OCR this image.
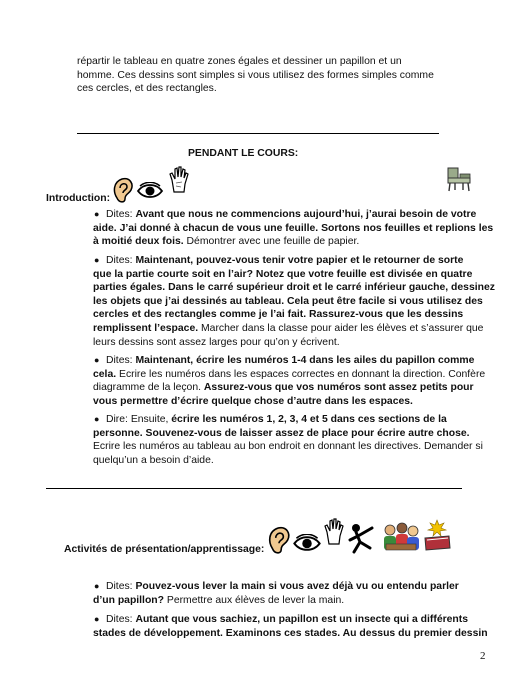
répartir le tableau en quatre zones égales et dessiner un papillon et un

homme. Ces dessins sont simples si vous utilisez des formes simples comme

ces cercles, et des rectangles.

PENDANT LE COURS:
Introduction:
● Dites: Avant que nous ne commencions aujourd’hui, j’aurai besoin de votre

aide. J’ai donné à chacun de vous une feuille. Sortons nos feuilles et replions les

à moitié deux fois. Démontrer avec une feuille de papier.

● Dites: Maintenant, pouvez-vous tenir votre papier et le retourner de sorte

que la partie courte soit en l’air? Notez que votre feuille est divisée en quatre

parties égales. Dans le carré supérieur droit et le carré inférieur gauche, dessinez

les objets que j’ai dessinés au tableau. Cela peut être facile si vous utilisez des

cercles et des rectangles comme je l’ai fait. Rassurez-vous que les dessins

remplissent l’espace. Marcher dans la classe pour aider les élèves et s’assurer que

leurs dessins sont assez larges pour qu’on y écrivent.

● Dites: Maintenant, écrire les numéros 1-4 dans les ailes du papillon comme

cela. Ecrire les numéros dans les espaces correctes en donnant la direction. Confère

diagramme de la leçon. Assurez-vous que vos numéros sont assez petits pour

vous permettre d’écrire quelque chose d’autre dans les espaces.

● Dire: Ensuite, écrire les numéros 1, 2, 3, 4 et 5 dans ces sections de la

personne. Souvenez-vous de laisser assez de place pour écrire autre chose.

Ecrire les numéros au tableau au bon endroit en donnant les directives. Demander si

quelqu’un a besoin d’aide.

Activités de présentation/apprentissage:
● Dites: Pouvez-vous lever la main si vous avez déjà vu ou entendu parler

d’un papillon? Permettre aux élèves de lever la main.

● Dites: Autant que vous sachiez, un papillon est un insecte qui a différents

stades de développement. Examinons ces stades. Au dessus du premier dessin

2
